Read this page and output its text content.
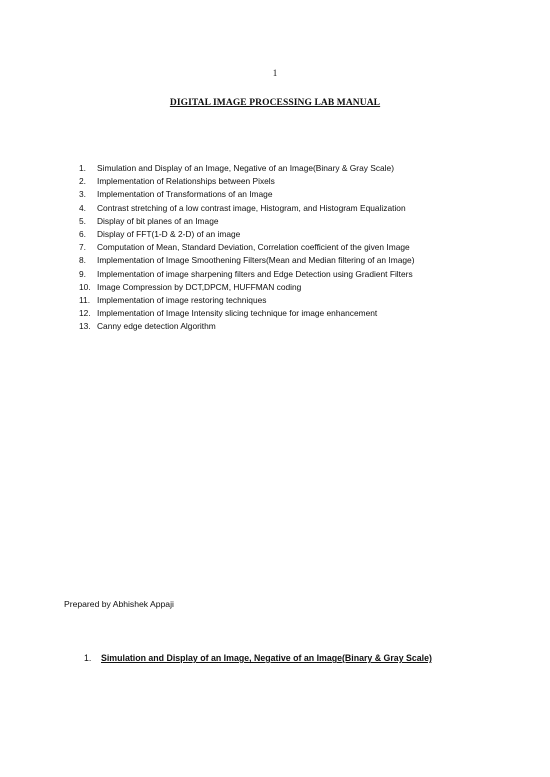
1
DIGITAL IMAGE PROCESSING LAB MANUAL
1.	Simulation and Display of an Image, Negative of an Image(Binary & Gray Scale)
2.	Implementation of Relationships between Pixels
3.	Implementation of Transformations of an Image
4.	Contrast stretching of a low contrast image, Histogram, and Histogram Equalization
5.	Display of bit planes of an Image
6.	Display of FFT(1-D & 2-D) of an image
7.	Computation of Mean, Standard Deviation, Correlation coefficient of the given Image
8.	Implementation of Image Smoothening Filters(Mean and Median filtering of an Image)
9.	Implementation of image sharpening filters and Edge Detection using Gradient Filters
10. Image Compression by DCT,DPCM, HUFFMAN coding
11. Implementation of image restoring techniques
12. Implementation of Image Intensity slicing technique for image enhancement
13. Canny edge detection Algorithm
Prepared by Abhishek Appaji
1. Simulation and Display of an Image, Negative of an Image(Binary & Gray Scale)
